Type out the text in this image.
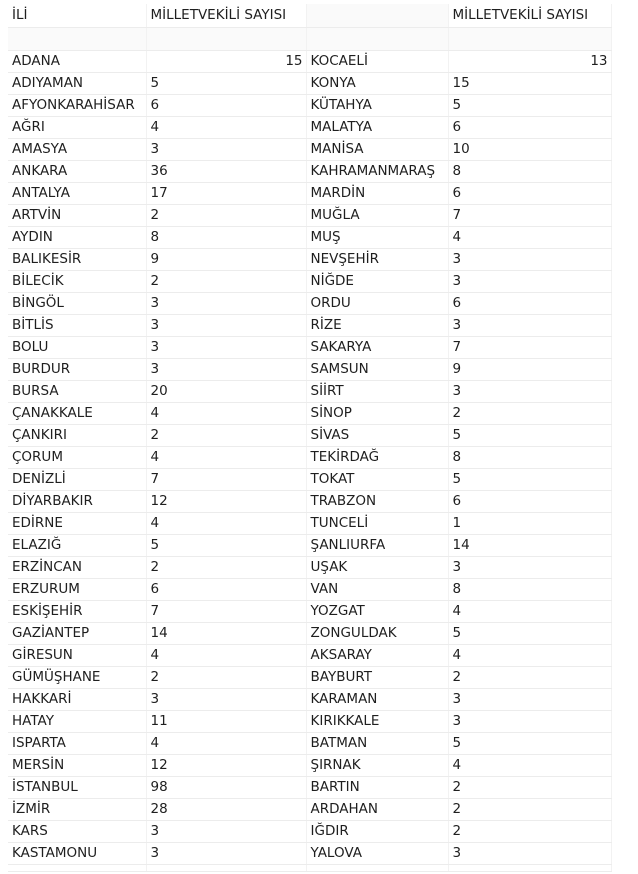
İLİ	MİLLETVEKİLİ SAYISI		MİLLETVEKİLİ SAYISI

ADANA	15	KOCAELİ	13
ADIYAMAN	5	KONYA	15
AFYONKARAHİSAR	6	KÜTAHYA	5
AĞRI	4	MALATYA	6
AMASYA	3	MANİSA	10
ANKARA	36	KAHRAMANMARAŞ	8
ANTALYA	17	MARDİN	6
ARTVİN	2	MUĞLA	7
AYDIN	8	MUŞ	4
BALIKESİR	9	NEVŞEHİR	3
BİLECİK	2	NİĞDE	3
BİNGÖL	3	ORDU	6
BİTLİS	3	RİZE	3
BOLU	3	SAKARYA	7
BURDUR	3	SAMSUN	9
BURSA	20	SİİRT	3
ÇANAKKALE	4	SİNOP	2
ÇANKIRI	2	SİVAS	5
ÇORUM	4	TEKİRDAĞ	8
DENİZLİ	7	TOKAT	5
DİYARBAKIR	12	TRABZON	6
EDİRNE	4	TUNCELİ	1
ELAZIĞ	5	ŞANLIURFA	14
ERZİNCAN	2	UŞAK	3
ERZURUM	6	VAN	8
ESKİŞEHİR	7	YOZGAT	4
GAZİANTEP	14	ZONGULDAK	5
GİRESUN	4	AKSARAY	4
GÜMÜŞHANE	2	BAYBURT	2
HAKKARİ	3	KARAMAN	3
HATAY	11	KIRIKKALE	3
ISPARTA	4	BATMAN	5
MERSİN	12	ŞIRNAK	4
İSTANBUL	98	BARTIN	2
İZMİR	28	ARDAHAN	2
KARS	3	IĞDIR	2
KASTAMONU	3	YALOVA	3
